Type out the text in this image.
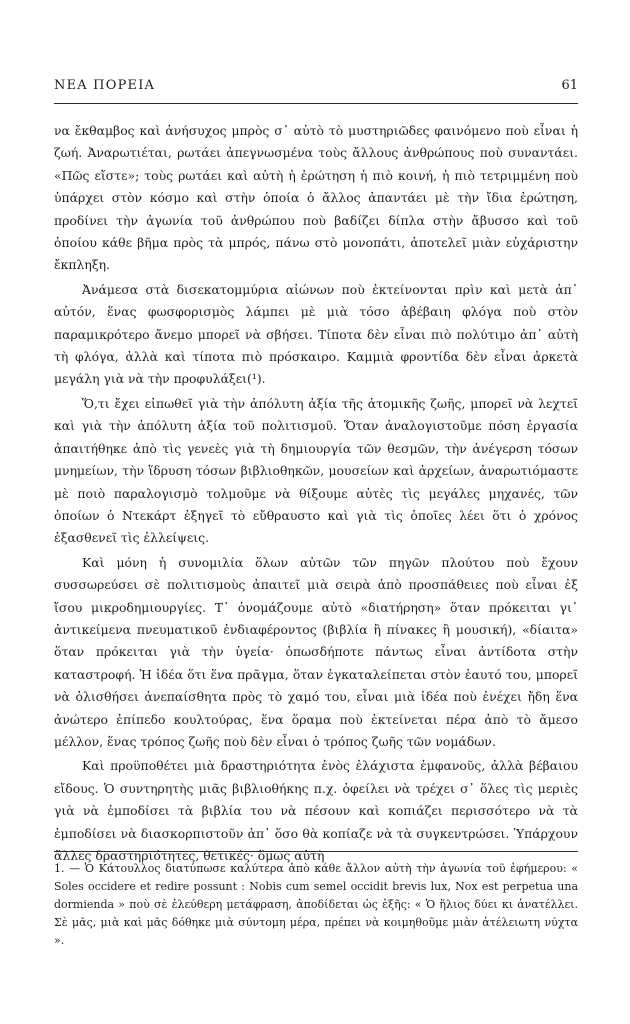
ΝΕΑ ΠΟΡΕΙΑ	61

να ἔκθαμβος καὶ ἀνήσυχος μπρὸς σ᾿ αὐτὸ τὸ μυστηριῶδες φαινόμενο ποὺ εἶναι ἡ ζωή. Ἀναρωτιέται, ρωτάει ἀπεγνωσμένα τοὺς ἄλλους ἀνθρώπους ποὺ συναντάει. «Πῶς εἴστε»; τοὺς ρωτάει καὶ αὐτὴ ἡ ἐρώτηση ἡ πιὸ κοινή, ἡ πιὸ τετριμμένη ποὺ ὑπάρχει στὸν κόσμο καὶ στὴν ὁποία ὁ ἄλλος ἀπαντάει μὲ τὴν ἴδια ἐρώτηση, προδίνει τὴν ἀγωνία τοῦ ἀνθρώπου ποὺ βαδίζει δίπλα στὴν ἄβυσσο καὶ τοῦ ὁποίου κάθε βῆμα πρὸς τὰ μπρός, πάνω στὸ μονοπάτι, ἀποτελεῖ μιὰν εὐχάριστην ἔκπληξη.

Ἀνάμεσα στὰ δισεκατομμύρια αἰώνων ποὺ ἐκτείνονται πρὶν καὶ μετὰ ἀπ᾿ αὐτόν, ἕνας φωσφορισμὸς λάμπει μὲ μιὰ τόσο ἀβέβαιη φλόγα ποὺ στὸν παραμικρότερο ἄνεμο μπορεῖ νὰ σβήσει. Τίποτα δὲν εἶναι πιὸ πολύτιμο ἀπ᾿ αὐτὴ τὴ φλόγα, ἀλλὰ καὶ τίποτα πιὸ πρόσκαιρο. Καμμιὰ φροντίδα δὲν εἶναι ἀρκετὰ μεγάλη γιὰ νὰ τὴν προφυλάξει(¹).

Ὅ,τι ἔχει εἰπωθεῖ γιὰ τὴν ἀπόλυτη ἀξία τῆς ἀτομικῆς ζωῆς, μπορεῖ νὰ λεχτεῖ καὶ γιὰ τὴν ἀπόλυτη ἀξία τοῦ πολιτισμοῦ. Ὅταν ἀναλογιστοῦμε πόση ἐργασία ἀπαιτήθηκε ἀπὸ τὶς γενεὲς γιὰ τὴ δημιουργία τῶν θεσμῶν, τὴν ἀνέγερση τόσων μνημείων, τὴν ἵδρυση τόσων βιβλιοθηκῶν, μουσείων καὶ ἀρχείων, ἀναρωτιόμαστε μὲ ποιὸ παραλογισμὸ τολμοῦμε νὰ θίξουμε αὐτὲς τὶς μεγάλες μηχανές, τῶν ὁποίων ὁ Ντεκάρτ ἐξηγεῖ τὸ εὔθραυστο καὶ γιὰ τὶς ὁποῖες λέει ὅτι ὁ χρόνος ἐξασθενεῖ τὶς ἐλλείψεις.

Καὶ μόνη ἡ συνομιλία ὅλων αὐτῶν τῶν πηγῶν πλούτου ποὺ ἔχουν συσσωρεύσει σὲ πολιτισμοὺς ἀπαιτεῖ μιὰ σειρὰ ἀπὸ προσπάθειες ποὺ εἶναι ἐξ ἴσου μικροδημιουργίες. Τ᾿ ὀνομάζουμε αὐτὸ «διατήρηση» ὅταν πρόκειται γι᾿ ἀντικείμενα πνευματικοῦ ἐνδιαφέροντος (βιβλία ἢ πίνακες ἢ μουσική), «δίαιτα» ὅταν πρόκειται γιὰ τὴν ὑγεία· ὁπωσδήποτε πάντως εἶναι ἀντίδοτα στὴν καταστροφή. Ἡ ἰδέα ὅτι ἕνα πρᾶγμα, ὅταν ἐγκαταλείπεται στὸν ἑαυτό του, μπορεῖ νὰ ὀλισθήσει ἀνεπαίσθητα πρὸς τὸ χαμό του, εἶναι μιὰ ἰδέα ποὺ ἐνέχει ἤδη ἕνα ἀνώτερο ἐπίπεδο κουλτούρας, ἕνα ὅραμα ποὺ ἐκτείνεται πέρα ἀπὸ τὸ ἄμεσο μέλλον, ἕνας τρόπος ζωῆς ποὺ δὲν εἶναι ὁ τρόπος ζωῆς τῶν νομάδων.

Καὶ προϋποθέτει μιὰ δραστηριότητα ἑνὸς ἐλάχιστα ἐμφανοῦς, ἀλλὰ βέβαιου εἴδους. Ὁ συντηρητὴς μιᾶς βιβλιοθήκης π.χ. ὀφείλει νὰ τρέχει σ᾿ ὅλες τὶς μεριὲς γιὰ νὰ ἐμποδίσει τὰ βιβλία του νὰ πέσουν καὶ κοπιάζει περισσότερο νὰ τὰ ἐμποδίσει νὰ διασκορπιστοῦν ἀπ᾿ ὅσο θὰ κοπίαζε νὰ τὰ συγκεντρώσει. Ὑπάρχουν ἄλλες δραστηριότητες, θετικές· ὅμως αὐτὴ

1. — Ὁ Κάτουλλος διατύπωσε καλύτερα ἀπὸ κάθε ἄλλον αὐτὴ τὴν ἀγωνία τοῦ ἐφήμερου: « Soles occidere et redire possunt : Nobis cum semel occidit brevis lux, Nox est perpetua una dormienda » ποὺ σὲ ἐλεύθερη μετάφραση, ἀποδίδεται ὡς ἑξῆς: « Ὁ ἥλιος δύει κι ἀνατέλλει. Σὲ μᾶς, μιὰ καὶ μᾶς δόθηκε μιὰ σύντομη μέρα, πρέπει νὰ κοιμηθοῦμε μιὰν ἀτέλειωτη νύχτα ».
